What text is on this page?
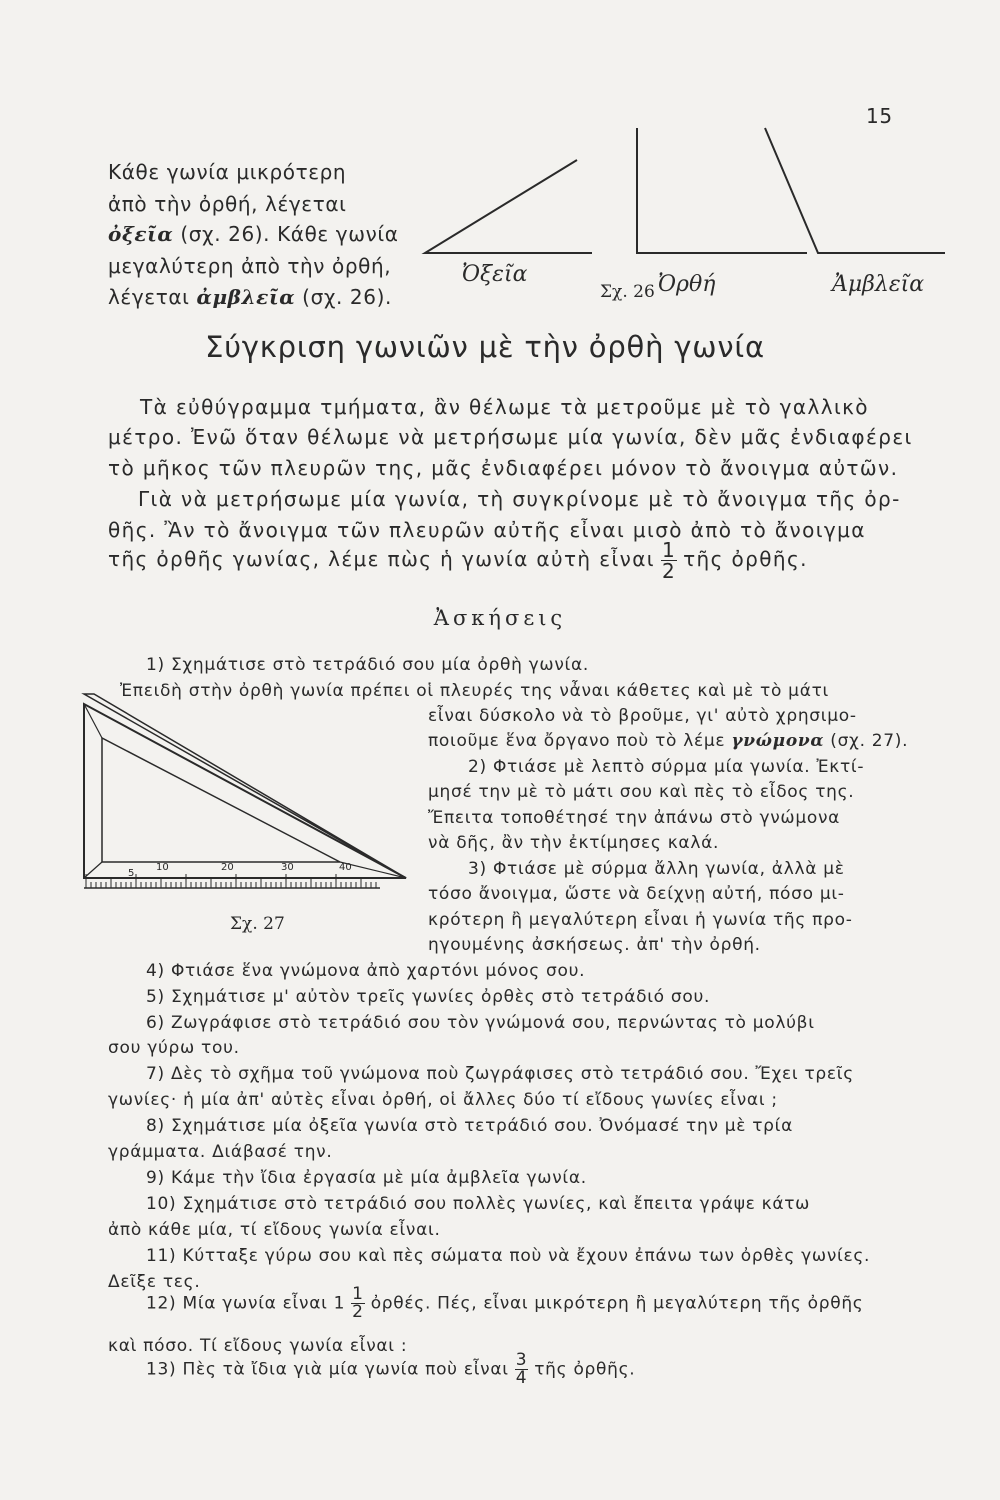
15
Κάθε γωνία μικρότερη
ἀπὸ τὴν ὀρθή, λέγεται
ὀξεῖα (σχ. 26). Κάθε γωνία
μεγαλύτερη ἀπὸ τὴν ὀρθή,
λέγεται ἀμβλεῖα (σχ. 26).
Ὀξεῖα
Σχ. 26 Ὀρθή	Ἀμβλεῖα
Σύγκριση γωνιῶν μὲ τὴν ὀρθὴ γωνία
Τὰ εὐθύγραμμα τμήματα, ἂν θέλωμε τὰ μετροῦμε μὲ τὸ γαλλικὸ
μέτρο. Ἐνῶ ὅταν θέλωμε νὰ μετρήσωμε μία γωνία, δὲν μᾶς ἐνδιαφέρει
τὸ μῆκος τῶν πλευρῶν της, μᾶς ἐνδιαφέρει μόνον τὸ ἄνοιγμα αὐτῶν.
Γιὰ νὰ μετρήσωμε μία γωνία, τὴ συγκρίνομε μὲ τὸ ἄνοιγμα τῆς ὀρ-
θῆς. Ἂν τὸ ἄνοιγμα τῶν πλευρῶν αὐτῆς εἶναι μισὸ ἀπὸ τὸ ἄνοιγμα
τῆς ὀρθῆς γωνίας, λέμε πὼς ἡ γωνία αὐτὴ εἶναι $\frac{1}{2}$ τῆς ὀρθῆς.
Ἀσκήσεις
5
10	20	30	40
Σχ. 27
1) Σχημάτισε στὸ τετράδιό σου μία ὀρθὴ γωνία.
Ἐπειδὴ στὴν ὀρθὴ γωνία πρέπει οἱ πλευρές της νἆναι κάθετες καὶ μὲ τὸ μάτι
εἶναι δύσκολο νὰ τὸ βροῦμε, γι' αὐτὸ χρησιμο-
ποιοῦμε ἕνα ὄργανο ποὺ τὸ λέμε γνώμονα (σχ. 27).
2) Φτιάσε μὲ λεπτὸ σύρμα μία γωνία. Ἐκτί-
μησέ την μὲ τὸ μάτι σου καὶ πὲς τὸ εἶδος της.
Ἔπειτα τοποθέτησέ την ἀπάνω στὸ γνώμονα
νὰ δῆς, ἂν τὴν ἐκτίμησες καλά.
3) Φτιάσε μὲ σύρμα ἄλλη γωνία, ἀλλὰ μὲ
τόσο ἄνοιγμα, ὥστε νὰ δείχνῃ αὐτή, πόσο μι-
κρότερη ἢ μεγαλύτερη εἶναι ἡ γωνία τῆς προ-
ηγουμένης ἀσκήσεως. ἀπ' τὴν ὀρθή.
4) Φτιάσε ἕνα γνώμονα ἀπὸ χαρτόνι μόνος σου.
5) Σχημάτισε μ' αὐτὸν τρεῖς γωνίες ὀρθὲς στὸ τετράδιό σου.
6) Ζωγράφισε στὸ τετράδιό σου τὸν γνώμονά σου, περνώντας τὸ μολύβι
σου γύρω του.
7) Δὲς τὸ σχῆμα τοῦ γνώμονα ποὺ ζωγράφισες στὸ τετράδιό σου. Ἔχει τρεῖς
γωνίες· ἡ μία ἀπ' αὐτὲς εἶναι ὀρθή, οἱ ἄλλες δύο τί εἴδους γωνίες εἶναι ;
8) Σχημάτισε μία ὀξεῖα γωνία στὸ τετράδιό σου. Ὀνόμασέ την μὲ τρία
γράμματα. Διάβασέ την.
9) Κάμε τὴν ἴδια ἐργασία μὲ μία ἀμβλεῖα γωνία.
10) Σχημάτισε στὸ τετράδιό σου πολλὲς γωνίες, καὶ ἔπειτα γράψε κάτω
ἀπὸ κάθε μία, τί εἴδους γωνία εἶναι.
11) Κύτταξε γύρω σου καὶ πὲς σώματα ποὺ νὰ ἔχουν ἐπάνω των ὀρθὲς γωνίες.
Δεῖξε τες.
12) Μία γωνία εἶναι $1 \frac{1}{2}$ ὀρθές. Πές, εἶναι μικρότερη ἢ μεγαλύτερη τῆς ὀρθῆς
καὶ πόσο. Τί εἴδους γωνία εἶναι :
13) Πὲς τὰ ἴδια γιὰ μία γωνία ποὺ εἶναι $\frac{3}{4}$ τῆς ὀρθῆς.
